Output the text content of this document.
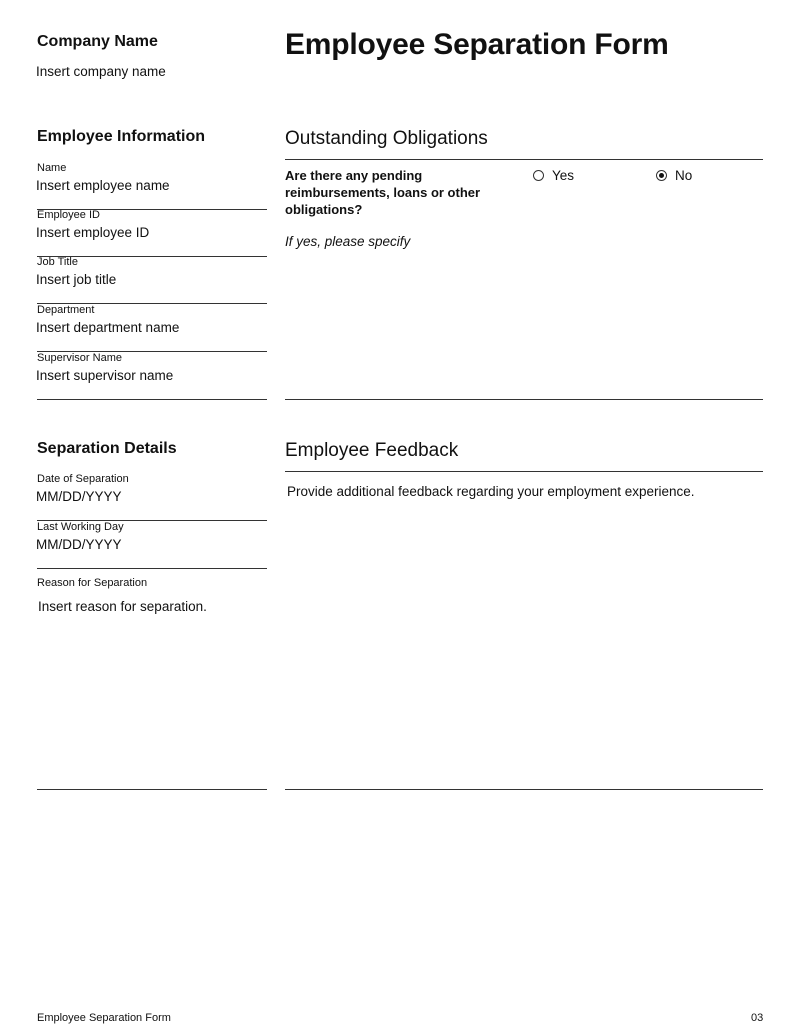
Company Name
Insert company name
Employee Separation Form
Employee Information
Name
Insert employee name
Employee ID
Insert employee ID
Job Title
Insert job title
Department
Insert department name
Supervisor Name
Insert supervisor name
Outstanding Obligations
Are there any pending reimbursements, loans or other obligations?
Yes	No
If yes, please specify
Separation Details
Date of Separation
MM/DD/YYYY
Last Working Day
MM/DD/YYYY
Reason for Separation
Insert reason for separation.
Employee Feedback
Provide additional feedback regarding your employment experience.
Employee Separation Form	03
